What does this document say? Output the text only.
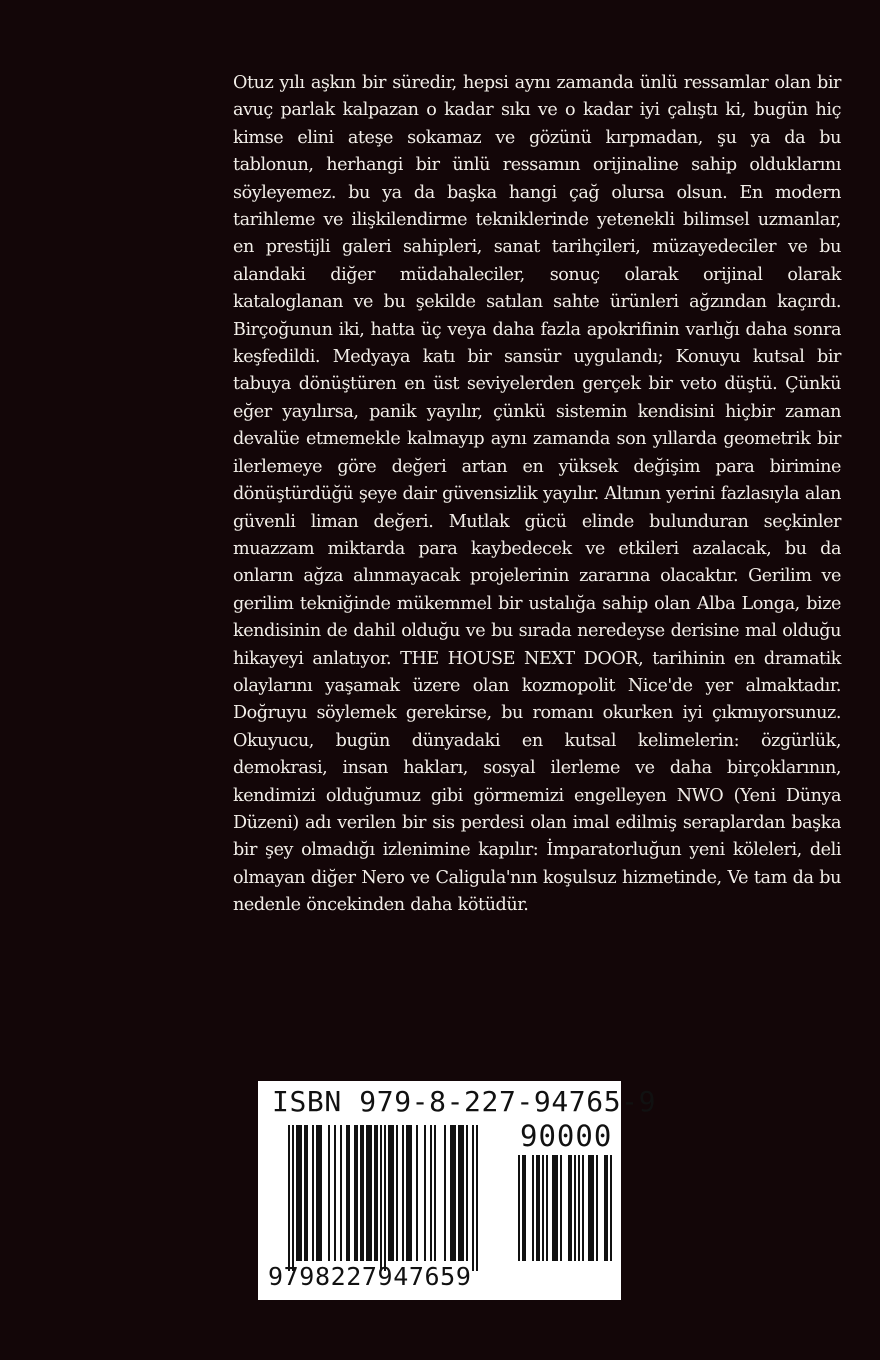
Otuz yılı aşkın bir süredir, hepsi aynı zamanda ünlü ressamlar olan bir avuç parlak kalpazan o kadar sıkı ve o kadar iyi çalıştı ki, bugün hiç kimse elini ateşe sokamaz ve gözünü kırpmadan, şu ya da bu tablonun, herhangi bir ünlü ressamın orijinaline sahip olduklarını söyleyemez. bu ya da başka hangi çağ olursa olsun. En modern tarihleme ve ilişkilendirme tekniklerinde yetenekli bilimsel uzmanlar, en prestijli galeri sahipleri, sanat tarihçileri, müzayedeciler ve bu alandaki diğer müdahaleciler, sonuç olarak orijinal olarak kataloglanan ve bu şekilde satılan sahte ürünleri ağzından kaçırdı. Birçoğunun iki, hatta üç veya daha fazla apokrifinin varlığı daha sonra keşfedildi. Medyaya katı bir sansür uygulandı; Konuyu kutsal bir tabuya dönüştüren en üst seviyelerden gerçek bir veto düştü. Çünkü eğer yayılırsa, panik yayılır, çünkü sistemin kendisini hiçbir zaman devalüe etmemekle kalmayıp aynı zamanda son yıllarda geometrik bir ilerlemeye göre değeri artan en yüksek değişim para birimine dönüştürdüğü şeye dair güvensizlik yayılır. Altının yerini fazlasıyla alan güvenli liman değeri. Mutlak gücü elinde bulunduran seçkinler muazzam miktarda para kaybedecek ve etkileri azalacak, bu da onların ağza alınmayacak projelerinin zararına olacaktır. Gerilim ve gerilim tekniğinde mükemmel bir ustalığa sahip olan Alba Longa, bize kendisinin de dahil olduğu ve bu sırada neredeyse derisine mal olduğu hikayeyi anlatıyor. THE HOUSE NEXT DOOR, tarihinin en dramatik olaylarını yaşamak üzere olan kozmopolit Nice'de yer almaktadır. Doğruyu söylemek gerekirse, bu romanı okurken iyi çıkmıyorsunuz. Okuyucu, bugün dünyadaki en kutsal kelimelerin: özgürlük, demokrasi, insan hakları, sosyal ilerleme ve daha birçoklarının, kendimizi olduğumuz gibi görmemizi engelleyen NWO (Yeni Dünya Düzeni) adı verilen bir sis perdesi olan imal edilmiş seraplardan başka bir şey olmadığı izlenimine kapılır: İmparatorluğun yeni köleleri, deli olmayan diğer Nero ve Caligula'nın koşulsuz hizmetinde, Ve tam da bu nedenle öncekinden daha kötüdür.

ISBN 979-8-227-94765-9
90000
9798227947659
